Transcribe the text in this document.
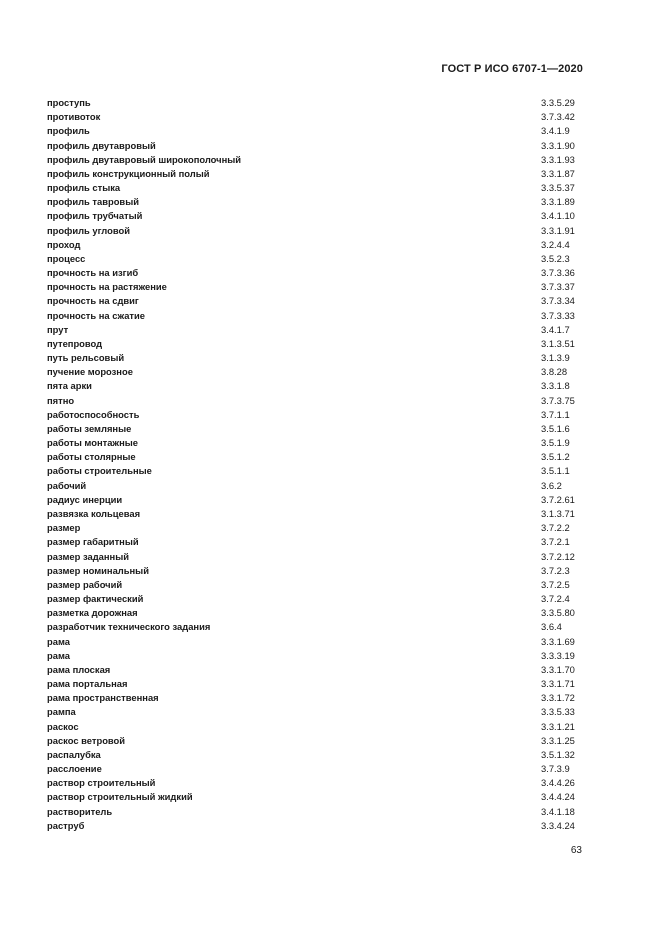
ГОСТ Р ИСО 6707-1—2020
проступь	3.3.5.29
противоток	3.7.3.42
профиль	3.4.1.9
профиль двутавровый	3.3.1.90
профиль двутавровый широкополочный	3.3.1.93
профиль конструкционный полый	3.3.1.87
профиль стыка	3.3.5.37
профиль тавровый	3.3.1.89
профиль трубчатый	3.4.1.10
профиль угловой	3.3.1.91
проход	3.2.4.4
процесс	3.5.2.3
прочность на изгиб	3.7.3.36
прочность на растяжение	3.7.3.37
прочность на сдвиг	3.7.3.34
прочность на сжатие	3.7.3.33
прут	3.4.1.7
путепровод	3.1.3.51
путь рельсовый	3.1.3.9
пучение морозное	3.8.28
пята арки	3.3.1.8
пятно	3.7.3.75
работоспособность	3.7.1.1
работы земляные	3.5.1.6
работы монтажные	3.5.1.9
работы столярные	3.5.1.2
работы строительные	3.5.1.1
рабочий	3.6.2
радиус инерции	3.7.2.61
развязка кольцевая	3.1.3.71
размер	3.7.2.2
размер габаритный	3.7.2.1
размер заданный	3.7.2.12
размер номинальный	3.7.2.3
размер рабочий	3.7.2.5
размер фактический	3.7.2.4
разметка дорожная	3.3.5.80
разработчик технического задания	3.6.4
рама	3.3.1.69
рама	3.3.3.19
рама плоская	3.3.1.70
рама портальная	3.3.1.71
рама пространственная	3.3.1.72
рампа	3.3.5.33
раскос	3.3.1.21
раскос ветровой	3.3.1.25
распалубка	3.5.1.32
расслоение	3.7.3.9
раствор строительный	3.4.4.26
раствор строительный жидкий	3.4.4.24
растворитель	3.4.1.18
раструб	3.3.4.24
63
